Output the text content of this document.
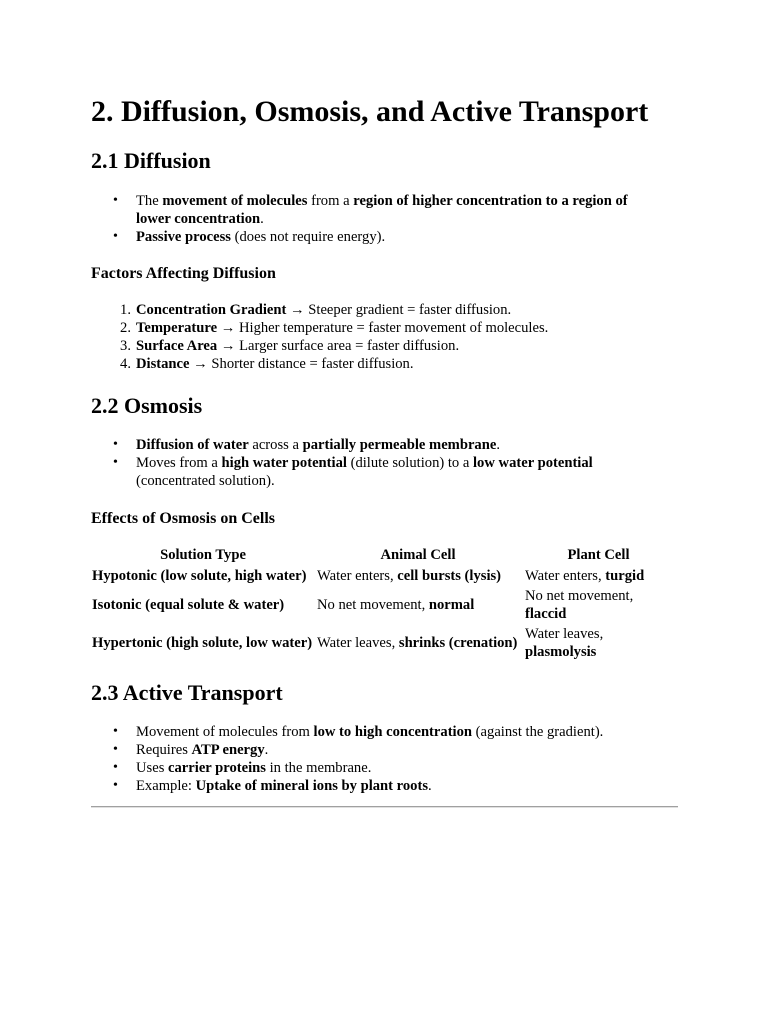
2. Diffusion, Osmosis, and Active Transport
2.1 Diffusion
•	The movement of molecules from a region of higher concentration to a region of lower concentration.
•	Passive process (does not require energy).
Factors Affecting Diffusion
1. Concentration Gradient → Steeper gradient = faster diffusion.
2. Temperature → Higher temperature = faster movement of molecules.
3. Surface Area → Larger surface area = faster diffusion.
4. Distance → Shorter distance = faster diffusion.
2.2 Osmosis
•	Diffusion of water across a partially permeable membrane.
•	Moves from a high water potential (dilute solution) to a low water potential (concentrated solution).
Effects of Osmosis on Cells
Solution Type	Animal Cell	Plant Cell
Hypotonic (low solute, high water)	Water enters, cell bursts (lysis)	Water enters, turgid
Isotonic (equal solute & water)	No net movement, normal	No net movement, flaccid
Hypertonic (high solute, low water)	Water leaves, shrinks (crenation)	Water leaves, plasmolysis
2.3 Active Transport
•	Movement of molecules from low to high concentration (against the gradient).
•	Requires ATP energy.
•	Uses carrier proteins in the membrane.
•	Example: Uptake of mineral ions by plant roots.
